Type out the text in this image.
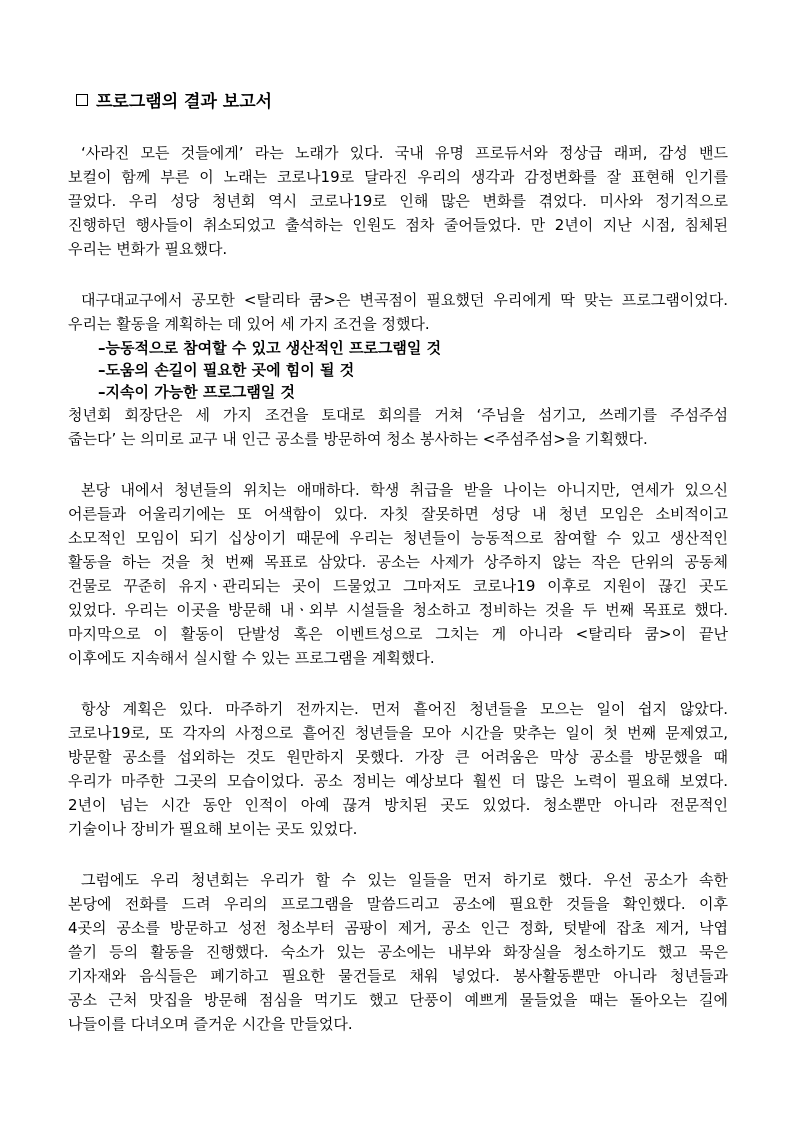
프로그램의 결과 보고서
‘사라진 모든 것들에게’ 라는 노래가 있다. 국내 유명 프로듀서와 정상급 래퍼, 감성 밴드
보컬이 함께 부른 이 노래는 코로나19로 달라진 우리의 생각과 감정변화를 잘 표현해 인기를
끌었다. 우리 성당 청년회 역시 코로나19로 인해 많은 변화를 겪었다. 미사와 정기적으로
진행하던 행사들이 취소되었고 출석하는 인원도 점차 줄어들었다. 만 2년이 지난 시점, 침체된
우리는 변화가 필요했다.
대구대교구에서 공모한 <탈리타 쿰>은 변곡점이 필요했던 우리에게 딱 맞는 프로그램이었다.
우리는 활동을 계획하는 데 있어 세 가지 조건을 정했다.
–능동적으로 참여할 수 있고 생산적인 프로그램일 것
–도움의 손길이 필요한 곳에 힘이 될 것
–지속이 가능한 프로그램일 것
청년회 회장단은 세 가지 조건을 토대로 회의를 거쳐 ‘주님을 섬기고, 쓰레기를 주섬주섬
줍는다’ 는 의미로 교구 내 인근 공소를 방문하여 청소 봉사하는 <주섬주섬>을 기획했다.
본당 내에서 청년들의 위치는 애매하다. 학생 취급을 받을 나이는 아니지만, 연세가 있으신
어른들과 어울리기에는 또 어색함이 있다. 자칫 잘못하면 성당 내 청년 모임은 소비적이고
소모적인 모임이 되기 십상이기 때문에 우리는 청년들이 능동적으로 참여할 수 있고 생산적인
활동을 하는 것을 첫 번째 목표로 삼았다. 공소는 사제가 상주하지 않는 작은 단위의 공동체
건물로 꾸준히 유지ㆍ관리되는 곳이 드물었고 그마저도 코로나19 이후로 지원이 끊긴 곳도
있었다. 우리는 이곳을 방문해 내ㆍ외부 시설들을 청소하고 정비하는 것을 두 번째 목표로 했다.
마지막으로 이 활동이 단발성 혹은 이벤트성으로 그치는 게 아니라 <탈리타 쿰>이 끝난
이후에도 지속해서 실시할 수 있는 프로그램을 계획했다.
항상 계획은 있다. 마주하기 전까지는. 먼저 흩어진 청년들을 모으는 일이 쉽지 않았다.
코로나19로, 또 각자의 사정으로 흩어진 청년들을 모아 시간을 맞추는 일이 첫 번째 문제였고,
방문할 공소를 섭외하는 것도 원만하지 못했다. 가장 큰 어려움은 막상 공소를 방문했을 때
우리가 마주한 그곳의 모습이었다. 공소 정비는 예상보다 훨씬 더 많은 노력이 필요해 보였다.
2년이 넘는 시간 동안 인적이 아예 끊겨 방치된 곳도 있었다. 청소뿐만 아니라 전문적인
기술이나 장비가 필요해 보이는 곳도 있었다.
그럼에도 우리 청년회는 우리가 할 수 있는 일들을 먼저 하기로 했다. 우선 공소가 속한
본당에 전화를 드려 우리의 프로그램을 말씀드리고 공소에 필요한 것들을 확인했다. 이후
4곳의 공소를 방문하고 성전 청소부터 곰팡이 제거, 공소 인근 정화, 텃밭에 잡초 제거, 낙엽
쓸기 등의 활동을 진행했다. 숙소가 있는 공소에는 내부와 화장실을 청소하기도 했고 묵은
기자재와 음식들은 폐기하고 필요한 물건들로 채워 넣었다. 봉사활동뿐만 아니라 청년들과
공소 근처 맛집을 방문해 점심을 먹기도 했고 단풍이 예쁘게 물들었을 때는 돌아오는 길에
나들이를 다녀오며 즐거운 시간을 만들었다.
